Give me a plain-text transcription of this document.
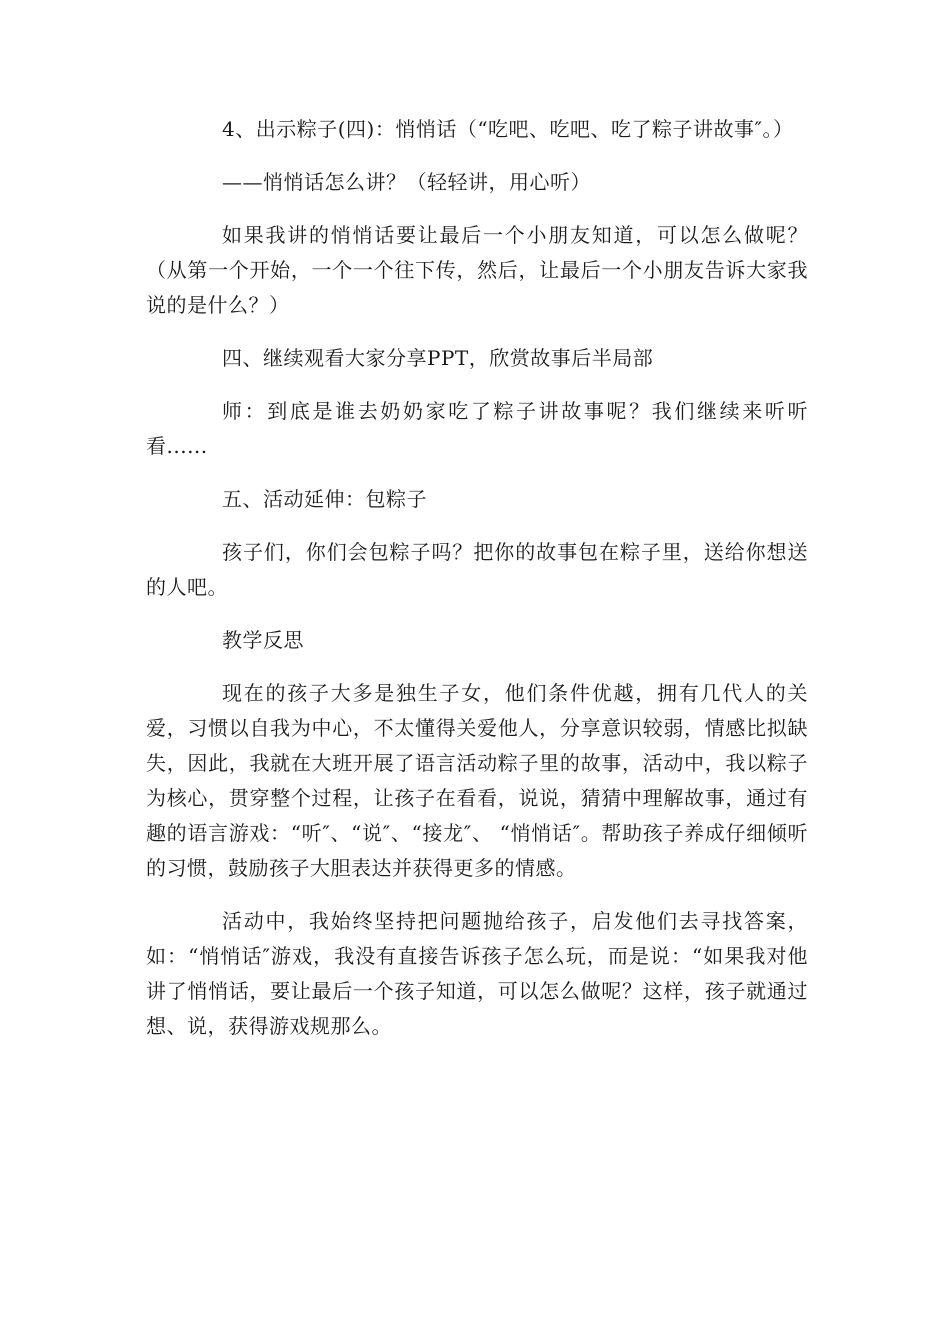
4、出示粽子(四)：悄悄话（“吃吧、吃吧、吃了粽子讲故事″。）

——悄悄话怎么讲？（轻轻讲，用心听）

如果我讲的悄悄话要让最后一个小朋友知道，可以怎么做呢？（从第一个开始，一个一个往下传，然后，让最后一个小朋友告诉大家我说的是什么？）

四、继续观看大家分享PPT，欣赏故事后半局部

师：到底是谁去奶奶家吃了粽子讲故事呢？我们继续来听听看......

五、活动延伸：包粽子

孩子们，你们会包粽子吗？把你的故事包在粽子里，送给你想送的人吧。

教学反思

现在的孩子大多是独生子女，他们条件优越，拥有几代人的关爱，习惯以自我为中心，不太懂得关爱他人，分享意识较弱，情感比拟缺失，因此，我就在大班开展了语言活动粽子里的故事，活动中，我以粽子为核心，贯穿整个过程，让孩子在看看，说说，猜猜中理解故事，通过有趣的语言游戏：“听″、“说″、“接龙″、 “悄悄话″。帮助孩子养成仔细倾听的习惯，鼓励孩子大胆表达并获得更多的情感。

活动中，我始终坚持把问题抛给孩子，启发他们去寻找答案，如：“悄悄话″游戏，我没有直接告诉孩子怎么玩，而是说：“如果我对他讲了悄悄话，要让最后一个孩子知道，可以怎么做呢？这样，孩子就通过想、说，获得游戏规那么。
